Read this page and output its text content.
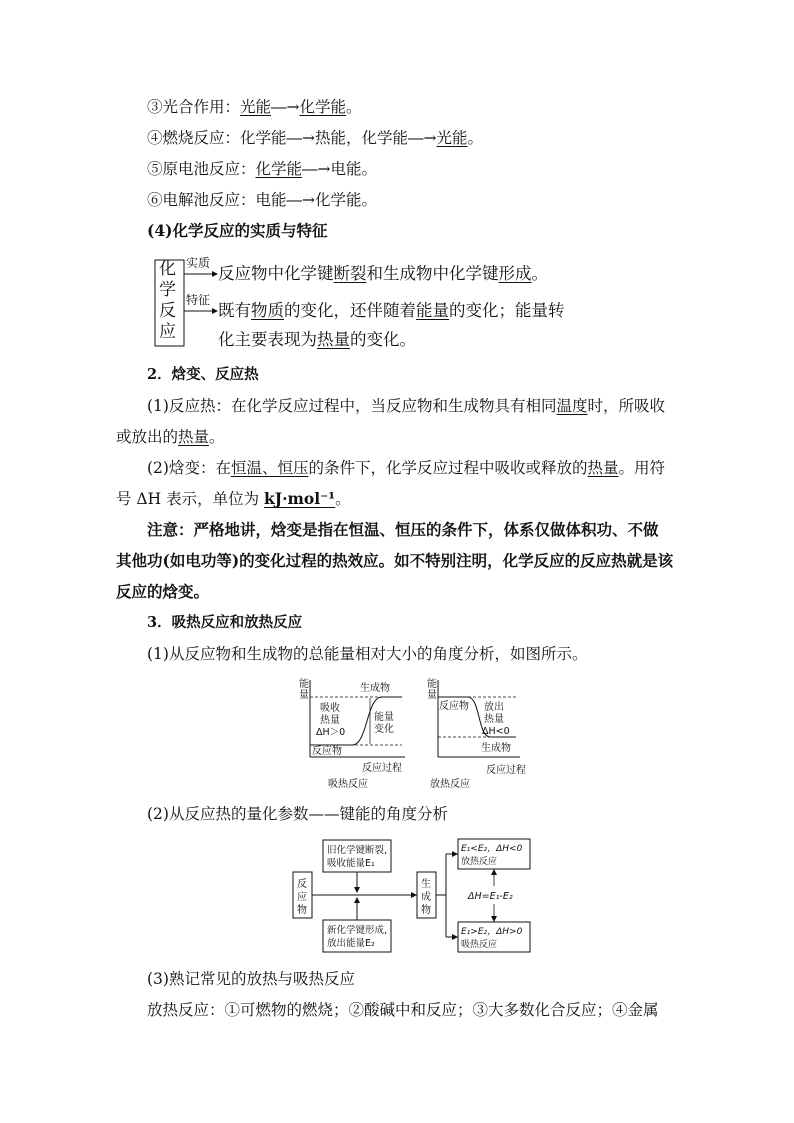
③光合作用：光能―→化学能。
④燃烧反应：化学能―→热能，化学能―→光能。
⑤原电池反应：化学能―→电能。
⑥电解池反应：电能―→化学能。
(4)化学反应的实质与特征
化
学
反
应
实质
特征
反应物中化学键断裂和生成物中化学键形成。
既有物质的变化，还伴随着能量的变化；能量转
化主要表现为热量的变化。
2．焓变、反应热
(1)反应热：在化学反应过程中，当反应物和生成物具有相同温度时，所吸收
或放出的热量。
(2)焓变：在恒温、恒压的条件下，化学反应过程中吸收或释放的热量。用符
号 ΔH 表示，单位为 kJ·mol⁻¹。
注意：严格地讲，焓变是指在恒温、恒压的条件下，体系仅做体积功、不做
其他功(如电功等)的变化过程的热效应。如不特别注明，化学反应的反应热就是该
反应的焓变。
3．吸热反应和放热反应
(1)从反应物和生成物的总能量相对大小的角度分析，如图所示。
能
量
生成物
反应物
吸收
热量
ΔH＞0
能量
变化
反应过程
吸热反应
能
量
反应物 放出
热量
ΔH<0
生成物
反应过程
放热反应
(2)从反应热的量化参数——键能的角度分析
反
应
物
生
成
物
旧化学键断裂，
吸收能量E₁
新化学键形成，
放出能量E₂
E₁<E₂，ΔH<0
放热反应
ΔH=E₁-E₂
E₁>E₂，ΔH>0
吸热反应
(3)熟记常见的放热与吸热反应
放热反应：①可燃物的燃烧；②酸碱中和反应；③大多数化合反应；④金属
